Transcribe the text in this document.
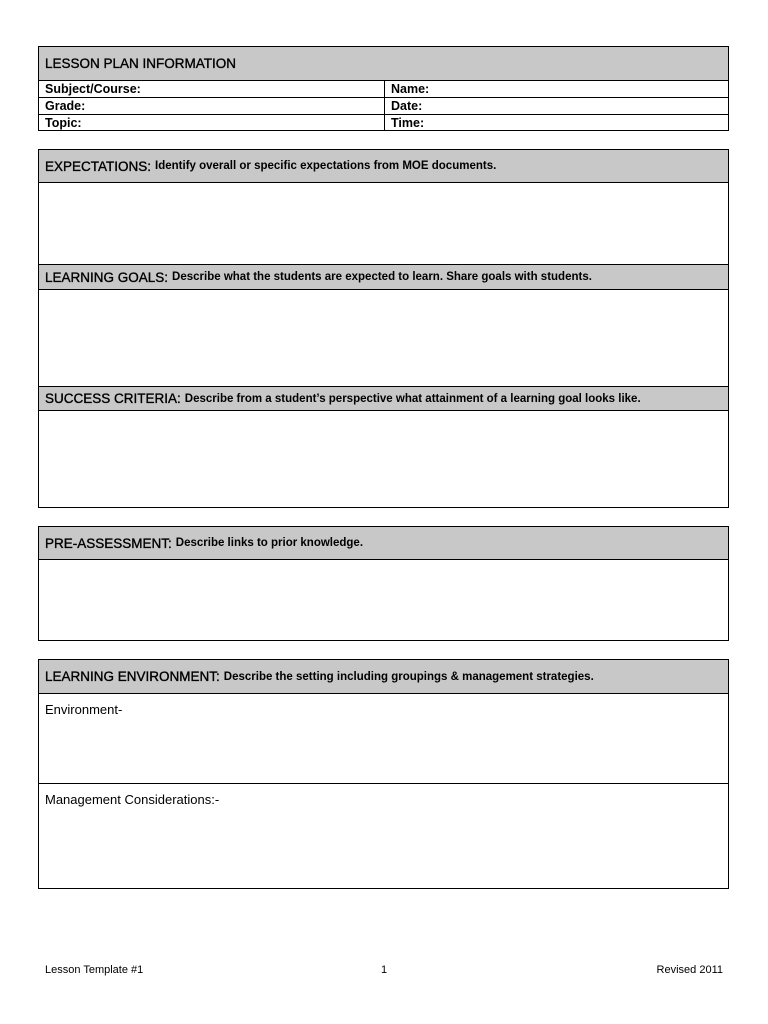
LESSON PLAN INFORMATION
Subject/Course:	Name:
Grade:	Date:
Topic:	Time:
EXPECTATIONS: Identify overall or specific expectations from MOE documents.
LEARNING GOALS: Describe what the students are expected to learn. Share goals with students.
SUCCESS CRITERIA: Describe from a student’s perspective what attainment of a learning goal looks like.
PRE-ASSESSMENT: Describe links to prior knowledge.
LEARNING ENVIRONMENT: Describe the setting including groupings & management strategies.
Environment-
Management Considerations:-
Lesson Template #1	1	Revised 2011
